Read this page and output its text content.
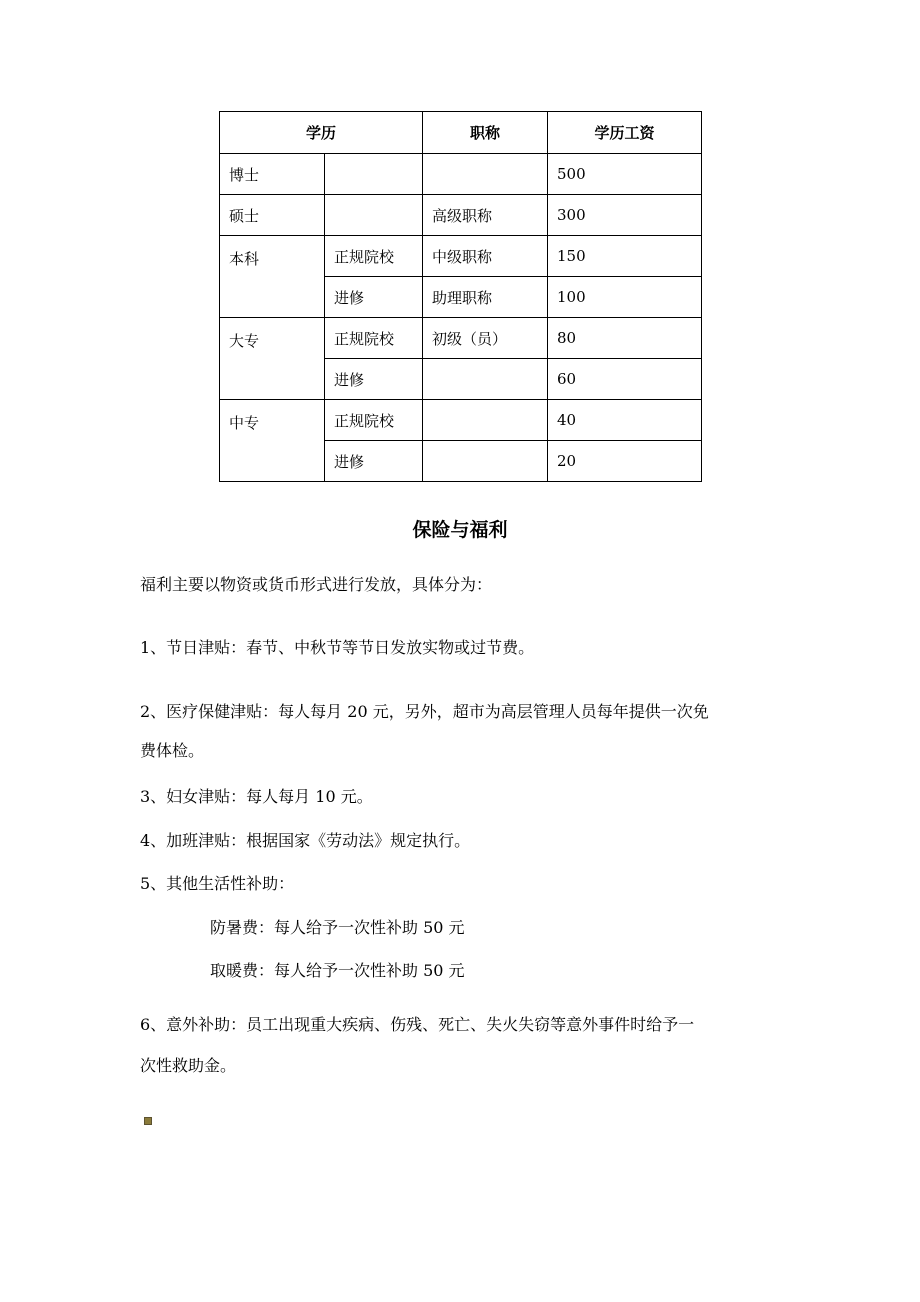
学历		职称	学历工资
博士			500
硕士		高级职称	300
本科	正规院校	中级职称	150
	进修	助理职称	100
大专	正规院校	初级（员）	80
	进修		60
中专	正规院校		40
	进修		20
保险与福利
福利主要以物资或货币形式进行发放，具体分为：
1、节日津贴：春节、中秋节等节日发放实物或过节费。
2、医疗保健津贴：每人每月 20 元，另外，超市为高层管理人员每年提供一次免
费体检。
3、妇女津贴：每人每月 10 元。
4、加班津贴：根据国家《劳动法》规定执行。
5、其他生活性补助：
防暑费：每人给予一次性补助 50 元
取暖费：每人给予一次性补助 50 元
6、意外补助：员工出现重大疾病、伤残、死亡、失火失窃等意外事件时给予一
次性救助金。
